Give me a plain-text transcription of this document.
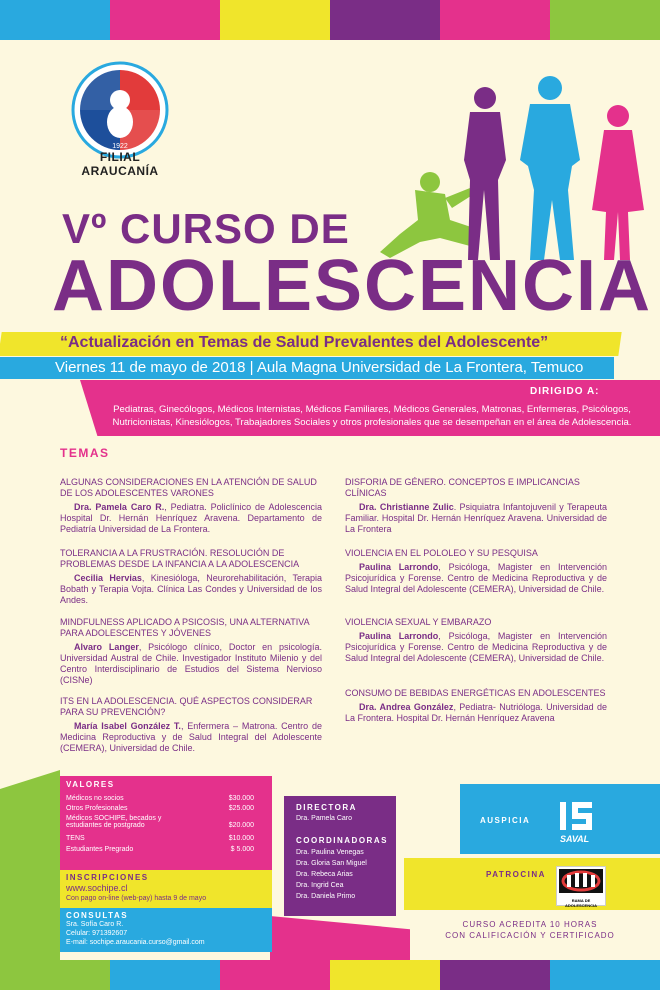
1922
FILIAL ARAUCANÍA
Vº CURSO DE
ADOLESCENCIA
“Actualización en Temas de Salud Prevalentes del Adolescente”
Viernes 11 de mayo de 2018 | Aula Magna Universidad de La Frontera, Temuco
DIRIGIDO A:
Pediatras, Ginecólogos, Médicos Internistas, Médicos Familiares, Médicos Generales, Matronas, Enfermeras, Psicólogos, Nutricionistas, Kinesiólogos, Trabajadores Sociales y otros profesionales que se desempeñan en el área de Adolescencia.
TEMAS
ALGUNAS CONSIDERACIONES EN LA ATENCIÓN DE SALUD DE LOS ADOLESCENTES VARONES
Dra. Pamela Caro R., Pediatra. Policlínico de Adolescencia Hospital Dr. Hernán Henríquez Aravena. Departamento de Pediatría Universidad de La Frontera.
TOLERANCIA A LA FRUSTRACIÓN. RESOLUCIÓN DE PROBLEMAS DESDE LA INFANCIA A LA ADOLESCENCIA
Cecilia Hervias, Kinesióloga, Neurorehabilitación, Terapia Bobath y Terapia Vojta. Clínica Las Condes y Universidad de los Andes.
MINDFULNESS APLICADO A PSICOSIS, UNA ALTERNATIVA PARA ADOLESCENTES Y JÓVENES
Alvaro Langer, Psicólogo clínico, Doctor en psicología. Universidad Austral de Chile. Investigador Instituto Milenio y del Centro Interdisciplinario de Estudios del Sistema Nervioso (CISNe)
ITS EN LA ADOLESCENCIA. QUÉ ASPECTOS CONSIDERAR PARA SU PREVENCIÓN?
María Isabel González T., Enfermera – Matrona. Centro de Medicina Reproductiva y de Salud Integral del Adolescente (CEMERA), Universidad de Chile.
DISFORIA DE GÉNERO. CONCEPTOS E IMPLICANCIAS CLÍNICAS
Dra. Christianne Zulic. Psiquiatra Infantojuvenil y Terapeuta Familiar. Hospital Dr. Hernán Henríquez Aravena. Universidad de La Frontera
VIOLENCIA EN EL POLOLEO Y SU PESQUISA
Paulina Larrondo, Psicóloga, Magister en Intervención Psicojurídica y Forense. Centro de Medicina Reproductiva y de Salud Integral del Adolescente (CEMERA), Universidad de Chile.
VIOLENCIA SEXUAL Y EMBARAZO
Paulina Larrondo, Psicóloga, Magister en Intervención Psicojurídica y Forense. Centro de Medicina Reproductiva y de Salud Integral del Adolescente (CEMERA), Universidad de Chile.
CONSUMO DE BEBIDAS ENERGÉTICAS EN ADOLESCENTES
Dra. Andrea González, Pediatra- Nutrióloga. Universidad de La Frontera. Hospital Dr. Hernán Henríquez Aravena
VALORES
Médicos no socios	$30.000
Otros Profesionales	$25.000
Médicos SOCHIPE, becados y estudiantes de postgrado	$20.000
TENS	$10.000
Estudiantes Pregrado	$ 5.000
INSCRIPCIONES
www.sochipe.cl
Con pago on-line (web-pay) hasta 9 de mayo
CONSULTAS
Sra. Sofía Caro R.
Celular: 971392607
E-mail: sochipe.araucania.curso@gmail.com
DIRECTORA
Dra. Pamela Caro
COORDINADORAS
Dra. Paulina Venegas
Dra. Gloria San Miguel
Dra. Rebeca Arias
Dra. Ingrid Cea
Dra. Daniela Primo
AUSPICIA
SAVAL
PATROCINA
RAMA DE ADOLESCENCIA
CURSO ACREDITA 10 HORAS
CON CALIFICACIÓN Y CERTIFICADO
